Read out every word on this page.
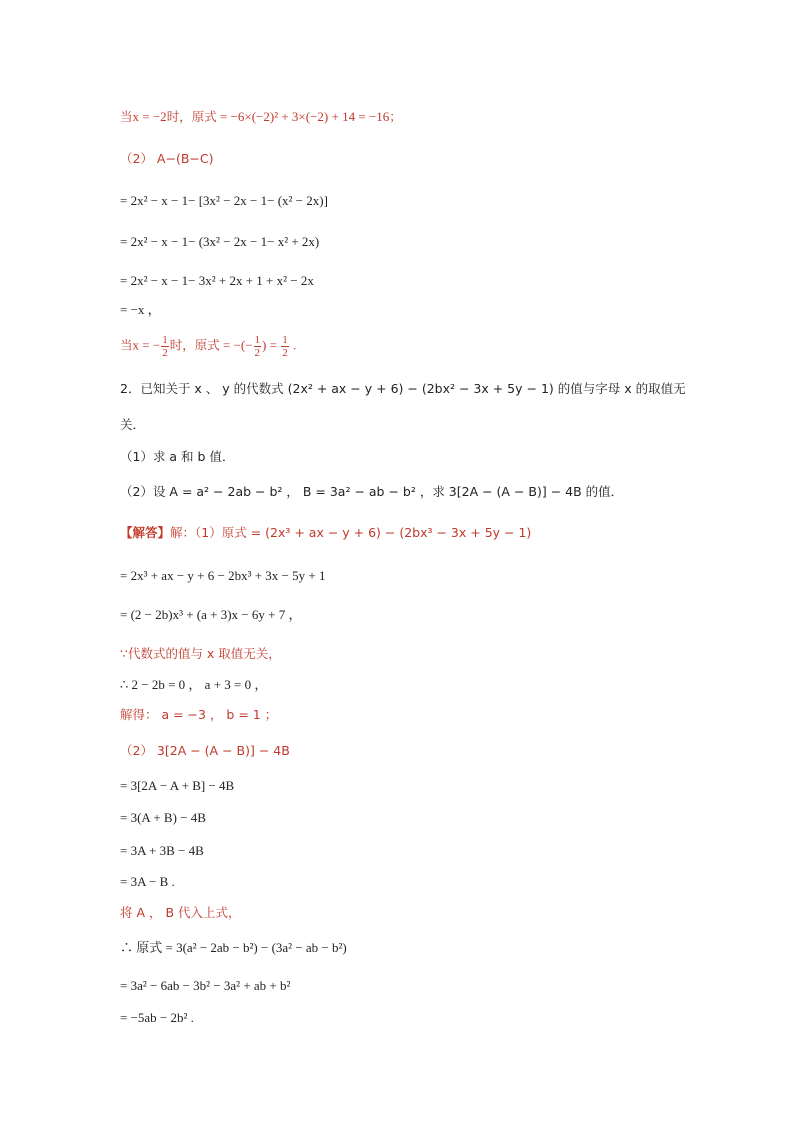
当x = −2时，原式 = −6×(−2)² + 3×(−2) + 14 = −16；
（2） A−(B−C)
= 2x² − x − 1− [3x² − 2x − 1− (x² − 2x)]
= 2x² − x − 1− (3x² − 2x − 1− x² + 2x)
= 2x² − x − 1− 3x² + 2x + 1 + x² − 2x
= −x ，
当x = − $\frac{1}{2}$ 时，原式 = −(− $\frac{1}{2}$ ) = $\frac{1}{2}$ .
2．已知关于 x 、 y 的代数式 (2x² + ax − y + 6) − (2bx² − 3x + 5y − 1) 的值与字母 x 的取值无
关．
（1）求 a 和 b 值．
（2）设 A = a² − 2ab − b² ， B = 3a² − ab − b² ，求 3[2A − (A − B)] − 4B 的值．
【解答】解：（1）原式 = (2x³ + ax − y + 6) − (2bx³ − 3x + 5y − 1)
= 2x³ + ax − y + 6 − 2bx³ + 3x − 5y + 1
= (2 − 2b)x³ + (a + 3)x − 6y + 7 ，
∵代数式的值与 x 取值无关，
∴ 2 − 2b = 0 ， a + 3 = 0 ，
解得： a = −3 ， b = 1 ；
（2） 3[2A − (A − B)] − 4B
= 3[2A − A + B] − 4B
= 3(A + B) − 4B
= 3A + 3B − 4B
= 3A − B .
将 A ， B 代入上式，
∴ 原式 = 3(a² − 2ab − b²) − (3a² − ab − b²)
= 3a² − 6ab − 3b² − 3a² + ab + b²
= −5ab − 2b² .
